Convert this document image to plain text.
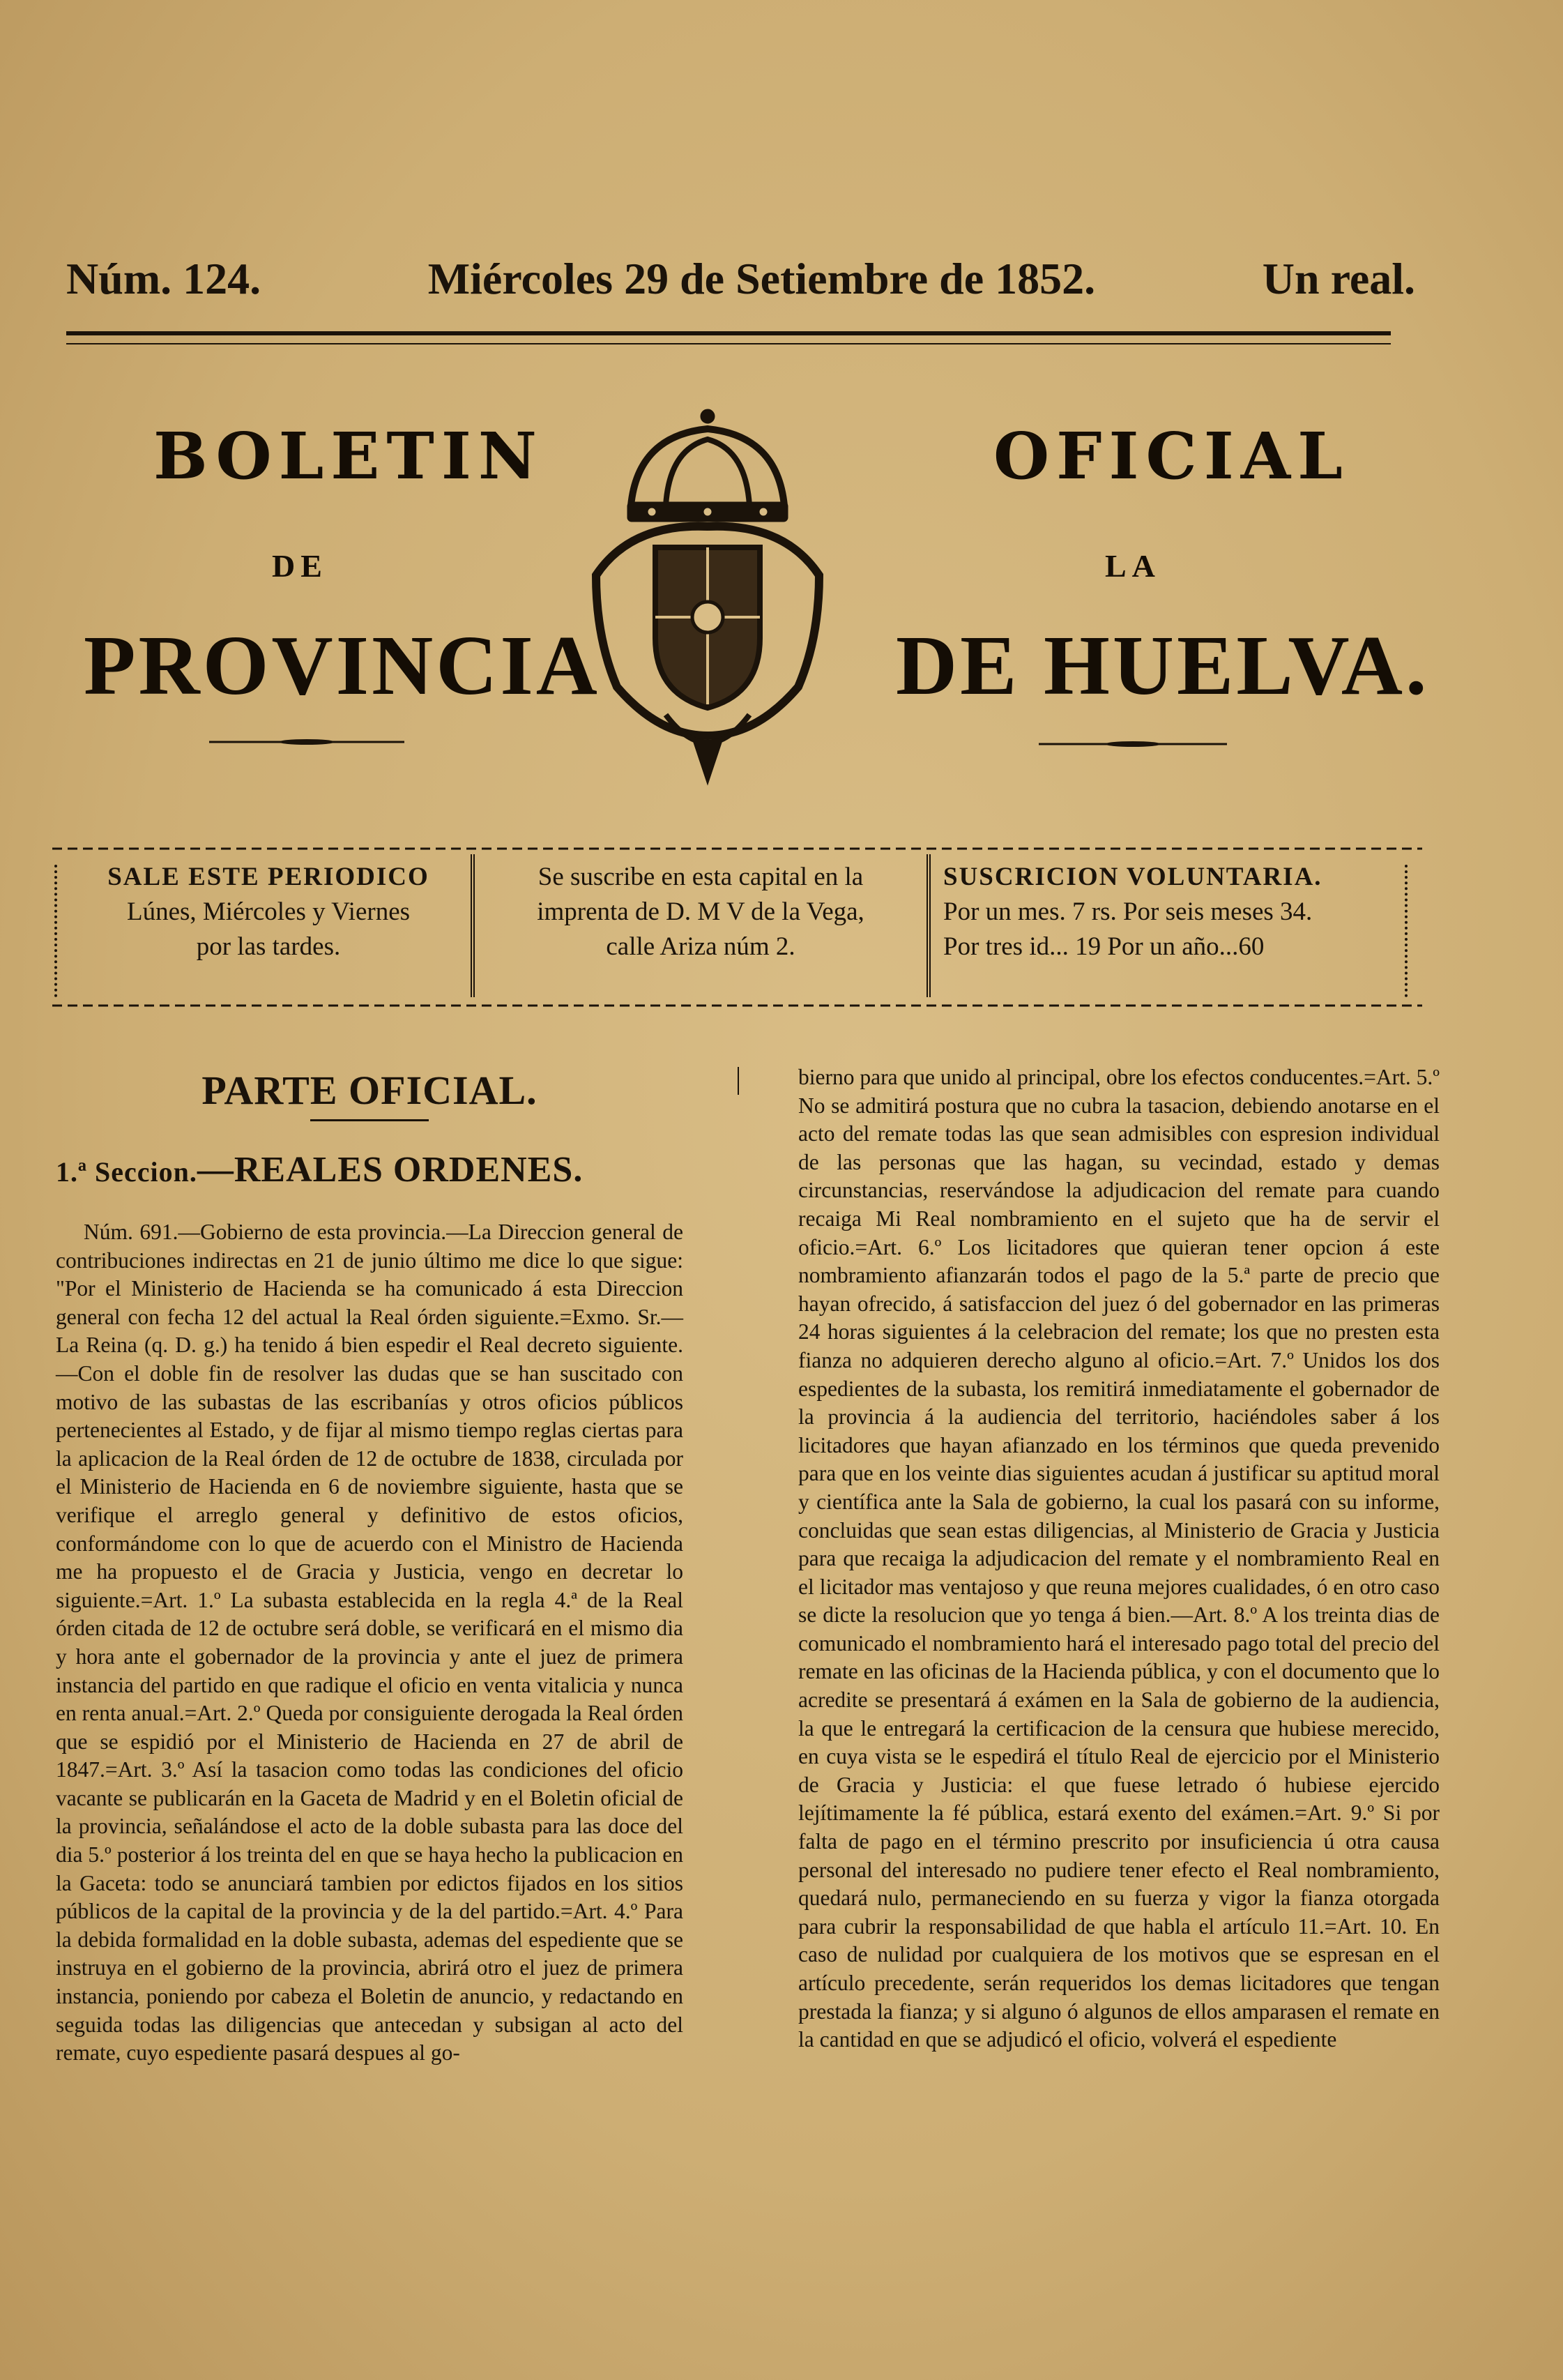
Núm. 124.	Miércoles 29 de Setiembre de 1852.	Un real.
BOLETIN	OFICIAL
DE	LA
PROVINCIA	DE HUELVA.
SALE ESTE PERIODICO
Lúnes, Miércoles y Viernes
por las tardes.
Se suscribe en esta capital en la
imprenta de D. M V de la Vega,
calle Ariza núm 2.
SUSCRICION VOLUNTARIA.
Por un mes. 7 rs. Por seis meses 34.
Por tres id... 19 Por un año...60
PARTE OFICIAL.
1.ª Seccion.—REALES ORDENES.
Núm. 691.—Gobierno de esta provincia.—La Direccion general de contribuciones indirectas en 21 de junio último me dice lo que sigue: "Por el Ministerio de Hacienda se ha comunicado á esta Direccion general con fecha 12 del actual la Real órden siguiente.=Exmo. Sr.—La Reina (q. D. g.) ha tenido á bien espedir el Real decreto siguiente.—Con el doble fin de resolver las dudas que se han suscitado con motivo de las subastas de las escribanías y otros oficios públicos pertenecientes al Estado, y de fijar al mismo tiempo reglas ciertas para la aplicacion de la Real órden de 12 de octubre de 1838, circulada por el Ministerio de Hacienda en 6 de noviembre siguiente, hasta que se verifique el arreglo general y definitivo de estos oficios, conformándome con lo que de acuerdo con el Ministro de Hacienda me ha propuesto el de Gracia y Justicia, vengo en decretar lo siguiente.=Art. 1.º La subasta establecida en la regla 4.ª de la Real órden citada de 12 de octubre será doble, se verificará en el mismo dia y hora ante el gobernador de la provincia y ante el juez de primera instancia del partido en que radique el oficio en venta vitalicia y nunca en renta anual.=Art. 2.º Queda por consiguiente derogada la Real órden que se espidió por el Ministerio de Hacienda en 27 de abril de 1847.=Art. 3.º Así la tasacion como todas las condiciones del oficio vacante se publicarán en la Gaceta de Madrid y en el Boletin oficial de la provincia, señalándose el acto de la doble subasta para las doce del dia 5.º posterior á los treinta del en que se haya hecho la publicacion en la Gaceta: todo se anunciará tambien por edictos fijados en los sitios públicos de la capital de la provincia y de la del partido.=Art. 4.º Para la debida formalidad en la doble subasta, ademas del espediente que se instruya en el gobierno de la provincia, abrirá otro el juez de primera instancia, poniendo por cabeza el Boletin de anuncio, y redactando en seguida todas las diligencias que antecedan y subsigan al acto del remate, cuyo espediente pasará despues al go-
bierno para que unido al principal, obre los efectos conducentes.=Art. 5.º No se admitirá postura que no cubra la tasacion, debiendo anotarse en el acto del remate todas las que sean admisibles con espresion individual de las personas que las hagan, su vecindad, estado y demas circunstancias, reservándose la adjudicacion del remate para cuando recaiga Mi Real nombramiento en el sujeto que ha de servir el oficio.=Art. 6.º Los licitadores que quieran tener opcion á este nombramiento afianzarán todos el pago de la 5.ª parte de precio que hayan ofrecido, á satisfaccion del juez ó del gobernador en las primeras 24 horas siguientes á la celebracion del remate; los que no presten esta fianza no adquieren derecho alguno al oficio.=Art. 7.º Unidos los dos espedientes de la subasta, los remitirá inmediatamente el gobernador de la provincia á la audiencia del territorio, haciéndoles saber á los licitadores que hayan afianzado en los términos que queda prevenido para que en los veinte dias siguientes acudan á justificar su aptitud moral y científica ante la Sala de gobierno, la cual los pasará con su informe, concluidas que sean estas diligencias, al Ministerio de Gracia y Justicia para que recaiga la adjudicacion del remate y el nombramiento Real en el licitador mas ventajoso y que reuna mejores cualidades, ó en otro caso se dicte la resolucion que yo tenga á bien.—Art. 8.º A los treinta dias de comunicado el nombramiento hará el interesado pago total del precio del remate en las oficinas de la Hacienda pública, y con el documento que lo acredite se presentará á exámen en la Sala de gobierno de la audiencia, la que le entregará la certificacion de la censura que hubiese merecido, en cuya vista se le espedirá el título Real de ejercicio por el Ministerio de Gracia y Justicia: el que fuese letrado ó hubiese ejercido lejítimamente la fé pública, estará exento del exámen.=Art. 9.º Si por falta de pago en el término prescrito por insuficiencia ú otra causa personal del interesado no pudiere tener efecto el Real nombramiento, quedará nulo, permaneciendo en su fuerza y vigor la fianza otorgada para cubrir la responsabilidad de que habla el artículo 11.=Art. 10. En caso de nulidad por cualquiera de los motivos que se espresan en el artículo precedente, serán requeridos los demas licitadores que tengan prestada la fianza; y si alguno ó algunos de ellos amparasen el remate en la cantidad en que se adjudicó el oficio, volverá el espediente
